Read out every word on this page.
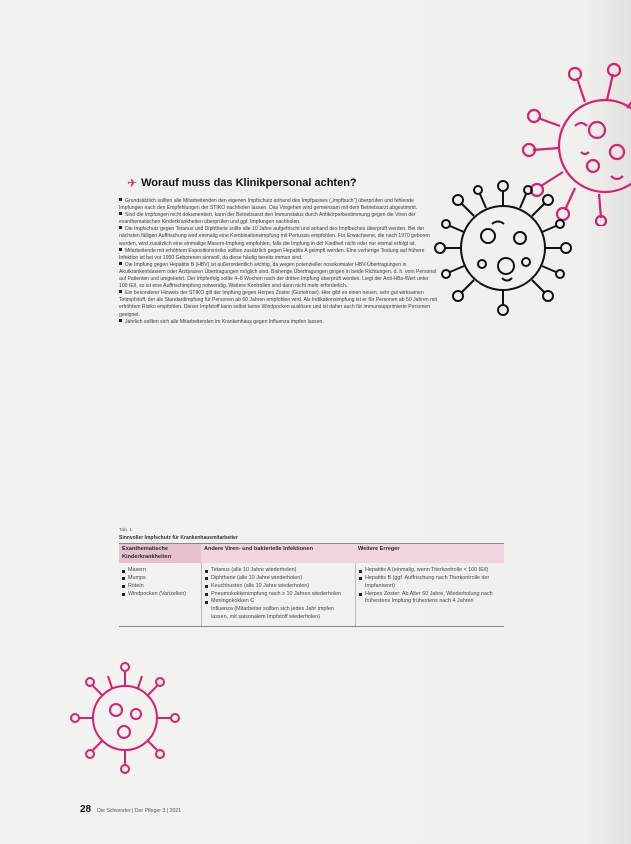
✈ Worauf muss das Klinikpersonal achten?

Grundsätzlich sollten alle Mitarbeitenden den eigenen Impfschutz anhand des Impfpasses („Impfbuch“) überprüfen und fehlende Impfungen nach den Empfehlungen der STIKO nachholen lassen. Das Vorgehen wird gemeinsam mit dem Betriebsarzt abgestimmt.

Sind die Impfungen nicht dokumentiert, kann der Betriebsarzt den Immunstatus durch Antikörperbestimmung gegen die Viren der exanthematischen Kinderkrankheiten überprüfen und ggf. Impfungen nachholen.

Die Impfschutz gegen Tetanus und Diphtherie sollte alle 10 Jahre aufgefrischt und anhand des Impfbuches überprüft werden. Bei der nächsten fälligen Auffrischung wird einmalig eine Kombinationsimpfung mit Pertussis empfohlen. Für Erwachsene, die nach 1970 geboren wurden, wird zusätzlich eine einmalige Masern-Impfung empfohlen, falls die Impfung in der Kindheit nicht oder nur einmal erfolgt ist.

Mitarbeitende mit erhöhtem Expositionsrisiko sollten zusätzlich gegen Hepatitis A geimpft werden. Eine vorherige Testung auf frühere Infektion ist bei vor 1950 Geborenen sinnvoll, da diese häufig bereits immun sind.

Die Impfung gegen Hepatitis B (HBV) ist außerordentlich wichtig, da wegen potenzieller nosokomialer HBV-Übertragungen in Akutkrankenhäusern oder Arztpraxen Übertragungen möglich sind. Bisherige Übertragungen gingen in beide Richtungen, d. h. vom Personal auf Patienten und umgekehrt. Der Impferfolg sollte 4–8 Wochen nach der dritten Impfung überprüft werden. Liegt der Anti-HBs-Wert unter 100 IE/l, so ist eine Auffrischimpfung notwendig. Weitere Kontrollen sind dann nicht mehr erforderlich.

Ein besonderer Hinweis der STIKO gilt der Impfung gegen Herpes Zoster (Gürtelrose). Hier gibt es einen neuen, sehr gut wirksamen Totimpfstoff, der als Standardimpfung für Personen ab 60 Jahren empfohlen wird. Als Indikationsimpfung ist er für Personen ab 50 Jahren mit erhöhtem Risiko empfohlen. Dieser Impfstoff kann selbst keine Windpocken auslösen und ist daher auch für immunsupprimierte Personen geeignet.

Jährlich sollten sich alle Mitarbeitenden im Krankenhaus gegen Influenza impfen lassen.

Tab. 1
Sinnvoller Impfschutz für Krankenhausmitarbeiter
Exanthematische Kinderkrankheiten
Andere Viren- und bakterielle Infektionen	Weitere Erreger
Masern
Mumps
Röteln
Windpocken (Varizellen)
Tetanus (alle 10 Jahre wiederholen)
Diphtherie (alle 10 Jahre wiederholen)
Keuchhusten (alle 10 Jahre wiederholen)
Pneumokokkenimpfung nach ≥ 10 Jahren wiederholen
Meningokokken C
Influenza (Mitarbeiter sollten sich jedes Jahr impfen lassen, mit saisonalem Impfstoff wiederholen)
Hepatitis A (einmalig, wenn Titerkontrolle < 100 IE/l)
Hepatitis B (ggf. Auffrischung nach Titerkontrolle der Impfantwort)
Herpes Zoster: Ab Alter 60 Jahre, Wiederholung nach frühestens Impfung frühestens nach 4 Jahren
28 Die Schwester | Der Pfleger 3 | 2021
